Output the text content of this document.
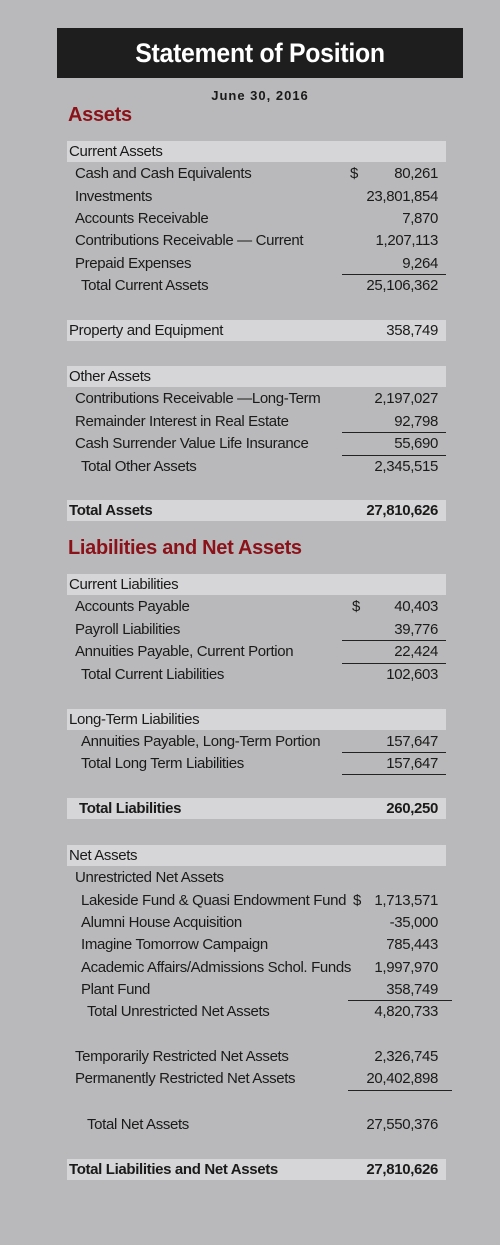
Statement of Position
June 30, 2016
Assets
Current Assets
Cash and Cash Equivalents	$	80,261
Investments	23,801,854
Accounts Receivable	7,870
Contributions Receivable — Current	1,207,113
Prepaid Expenses	9,264
Total Current Assets	25,106,362
Property and Equipment	358,749
Other Assets
Contributions Receivable —Long-Term	2,197,027
Remainder Interest in Real Estate	92,798
Cash Surrender Value Life Insurance	55,690
Total Other Assets	2,345,515
Total Assets	27,810,626
Liabilities and Net Assets
Current Liabilities
Accounts Payable	$	40,403
Payroll Liabilities	39,776
Annuities Payable, Current Portion	22,424
Total Current Liabilities	102,603
Long-Term Liabilities
Annuities Payable, Long-Term Portion	157,647
Total Long Term Liabilities	157,647
Total Liabilities	260,250
Net Assets
Unrestricted Net Assets
Lakeside Fund & Quasi Endowment Fund $ 1,713,571
Alumni House Acquisition	-35,000
Imagine Tomorrow Campaign	785,443
Academic Affairs/Admissions Schol. Funds	1,997,970
Plant Fund	358,749
Total Unrestricted Net Assets	4,820,733
Temporarily Restricted Net Assets	2,326,745
Permanently Restricted Net Assets	20,402,898
Total Net Assets	27,550,376
Total Liabilities and Net Assets	27,810,626
